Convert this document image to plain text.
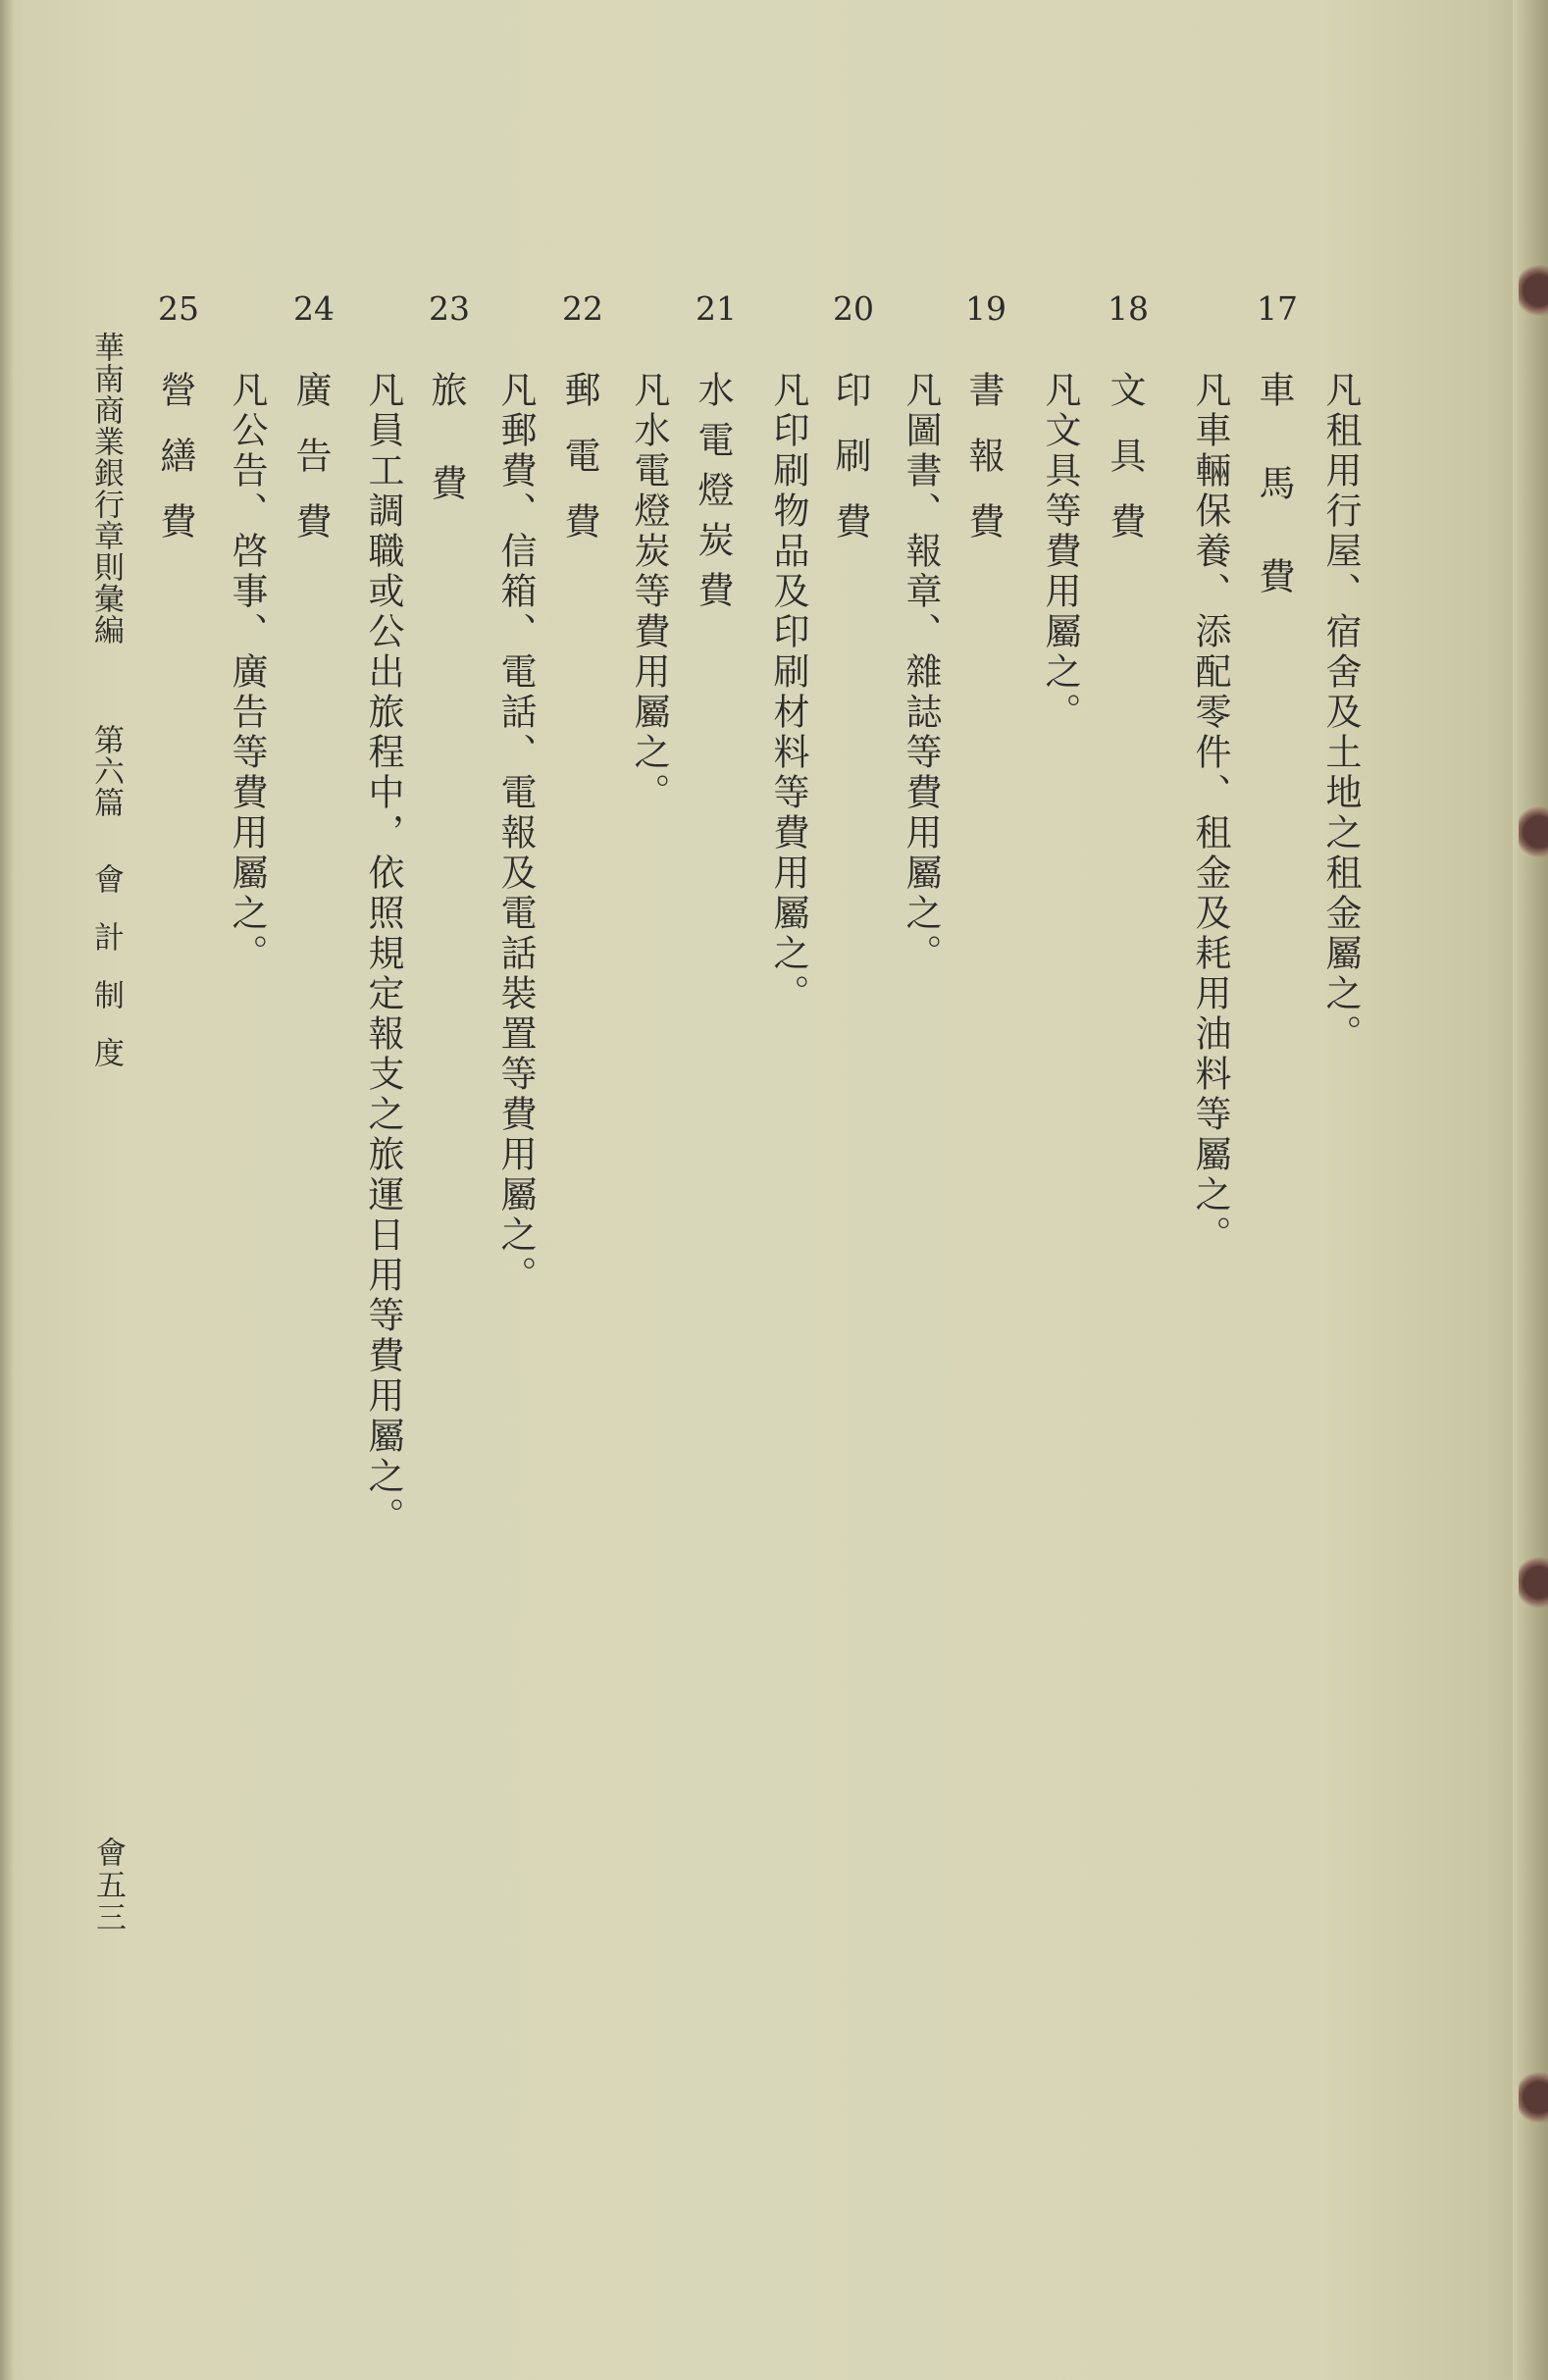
凡租用行屋、宿舍及土地之租金屬之。
17
車馬費
凡車輛保養、添配零件、租金及耗用油料等屬之。
18
文具費
凡文具等費用屬之。
19
書報費
凡圖書、報章、雜誌等費用屬之。
20
印刷費
凡印刷物品及印刷材料等費用屬之。
21
水電燈炭費
凡水電燈炭等費用屬之。
22
郵電費
凡郵費、信箱、電話、電報及電話裝置等費用屬之。
23
旅費
凡員工調職或公出旅程中，依照規定報支之旅運日用等費用屬之。
24
廣告費
凡公告、啓事、廣告等費用屬之。
25
營繕費
華南商業銀行章則彙編
第六篇
會計制度
會五三
